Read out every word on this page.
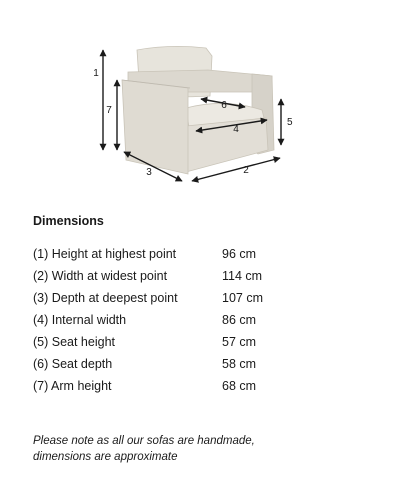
1
7
3	2
5
4
6
Dimensions
(1) Height at highest point	96 cm
(2) Width at widest point	114 cm
(3) Depth at deepest point	107 cm
(4) Internal width	86 cm
(5) Seat height	57 cm
(6) Seat depth	58 cm
(7) Arm height	68 cm

Please note as all our sofas are handmade,
dimensions are approximate
